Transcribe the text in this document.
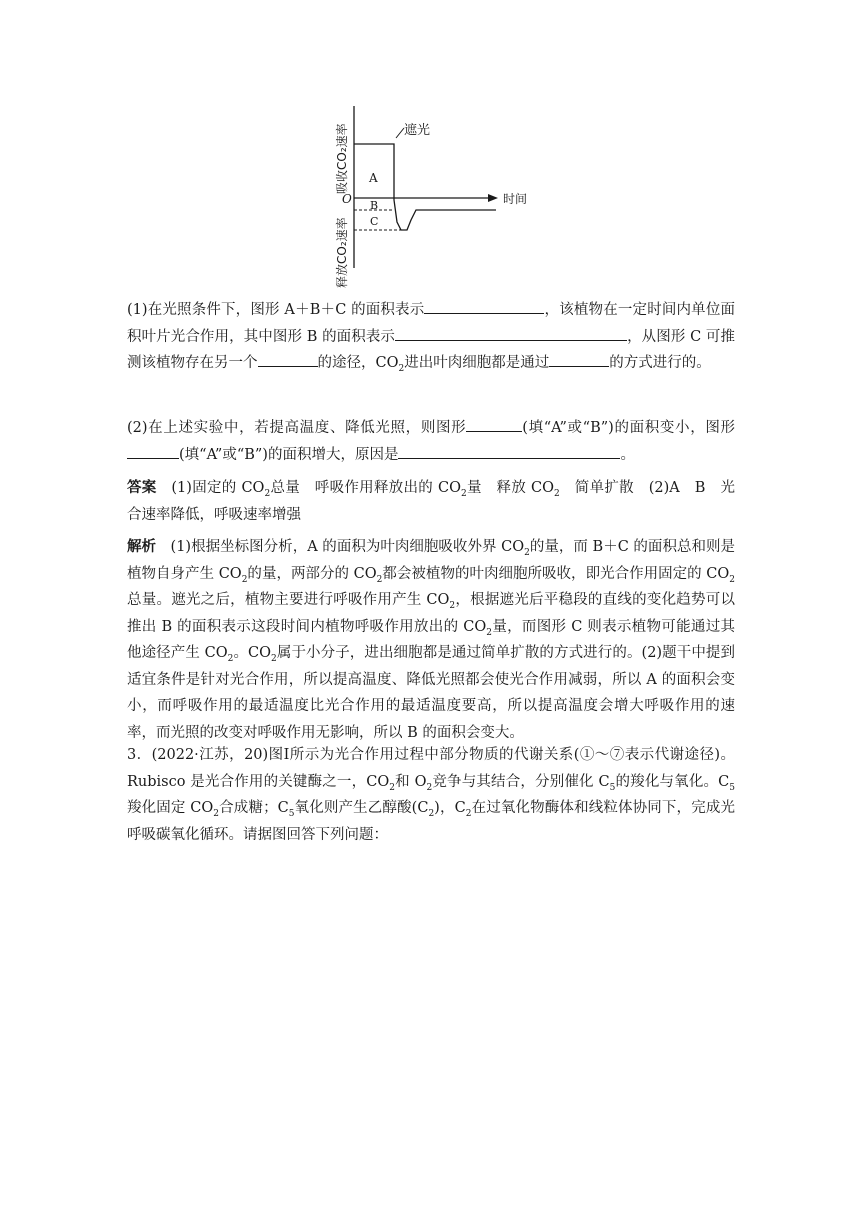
遮光
时间
O
A
B
C
吸收CO₂速率
释放CO₂速率
(1)在光照条件下，图形 A＋B＋C 的面积表示	，该植物在一定时间内单位面积叶片光合作用，其中图形 B 的面积表示	，从图形 C 可推测该植物存在另一个	的途径，$CO_2$进出叶肉细胞都是通过	的方式进行的。
(2)在上述实验中，若提高温度、降低光照，则图形	(填“A”或“B”)的面积变小，图形(填“A”或“B”)的面积增大，原因是	。
答案　 (1)固定的 $CO_2$总量　呼吸作用释放出的 $CO_2$量　释放 $CO_2$　简单扩散　(2)A　B　光合速率降低，呼吸速率增强
解析　 (1)根据坐标图分析，A 的面积为叶肉细胞吸收外界 $CO_2$的量，而 B＋C 的面积总和则是植物自身产生 $CO_2$的量，两部分的 $CO_2$都会被植物的叶肉细胞所吸收，即光合作用固定的 $CO_2$总量。遮光之后，植物主要进行呼吸作用产生 $CO_2$，根据遮光后平稳段的直线的变化趋势可以推出 B 的面积表示这段时间内植物呼吸作用放出的 $CO_2$量，而图形 C 则表示植物可能通过其他途径产生 $CO_2$。$CO_2$属于小分子，进出细胞都是通过简单扩散的方式进行的。(2)题干中提到适宜条件是针对光合作用，所以提高温度、降低光照都会使光合作用减弱，所以 A 的面积会变小，而呼吸作用的最适温度比光合作用的最适温度要高，所以提高温度会增大呼吸作用的速率，而光照的改变对呼吸作用无影响，所以 B 的面积会变大。
3．(2022·江苏，20)图Ⅰ所示为光合作用过程中部分物质的代谢关系(①～⑦表示代谢途径)。Rubisco 是光合作用的关键酶之一，$CO_2$和 $O_2$竞争与其结合，分别催化 $C_5$的羧化与氧化。$C_5$羧化固定 $CO_2$合成糖；$C_5$氧化则产生乙醇酸$(C_2)$，$C_2$在过氧化物酶体和线粒体协同下，完成光呼吸碳氧化循环。请据图回答下列问题：
